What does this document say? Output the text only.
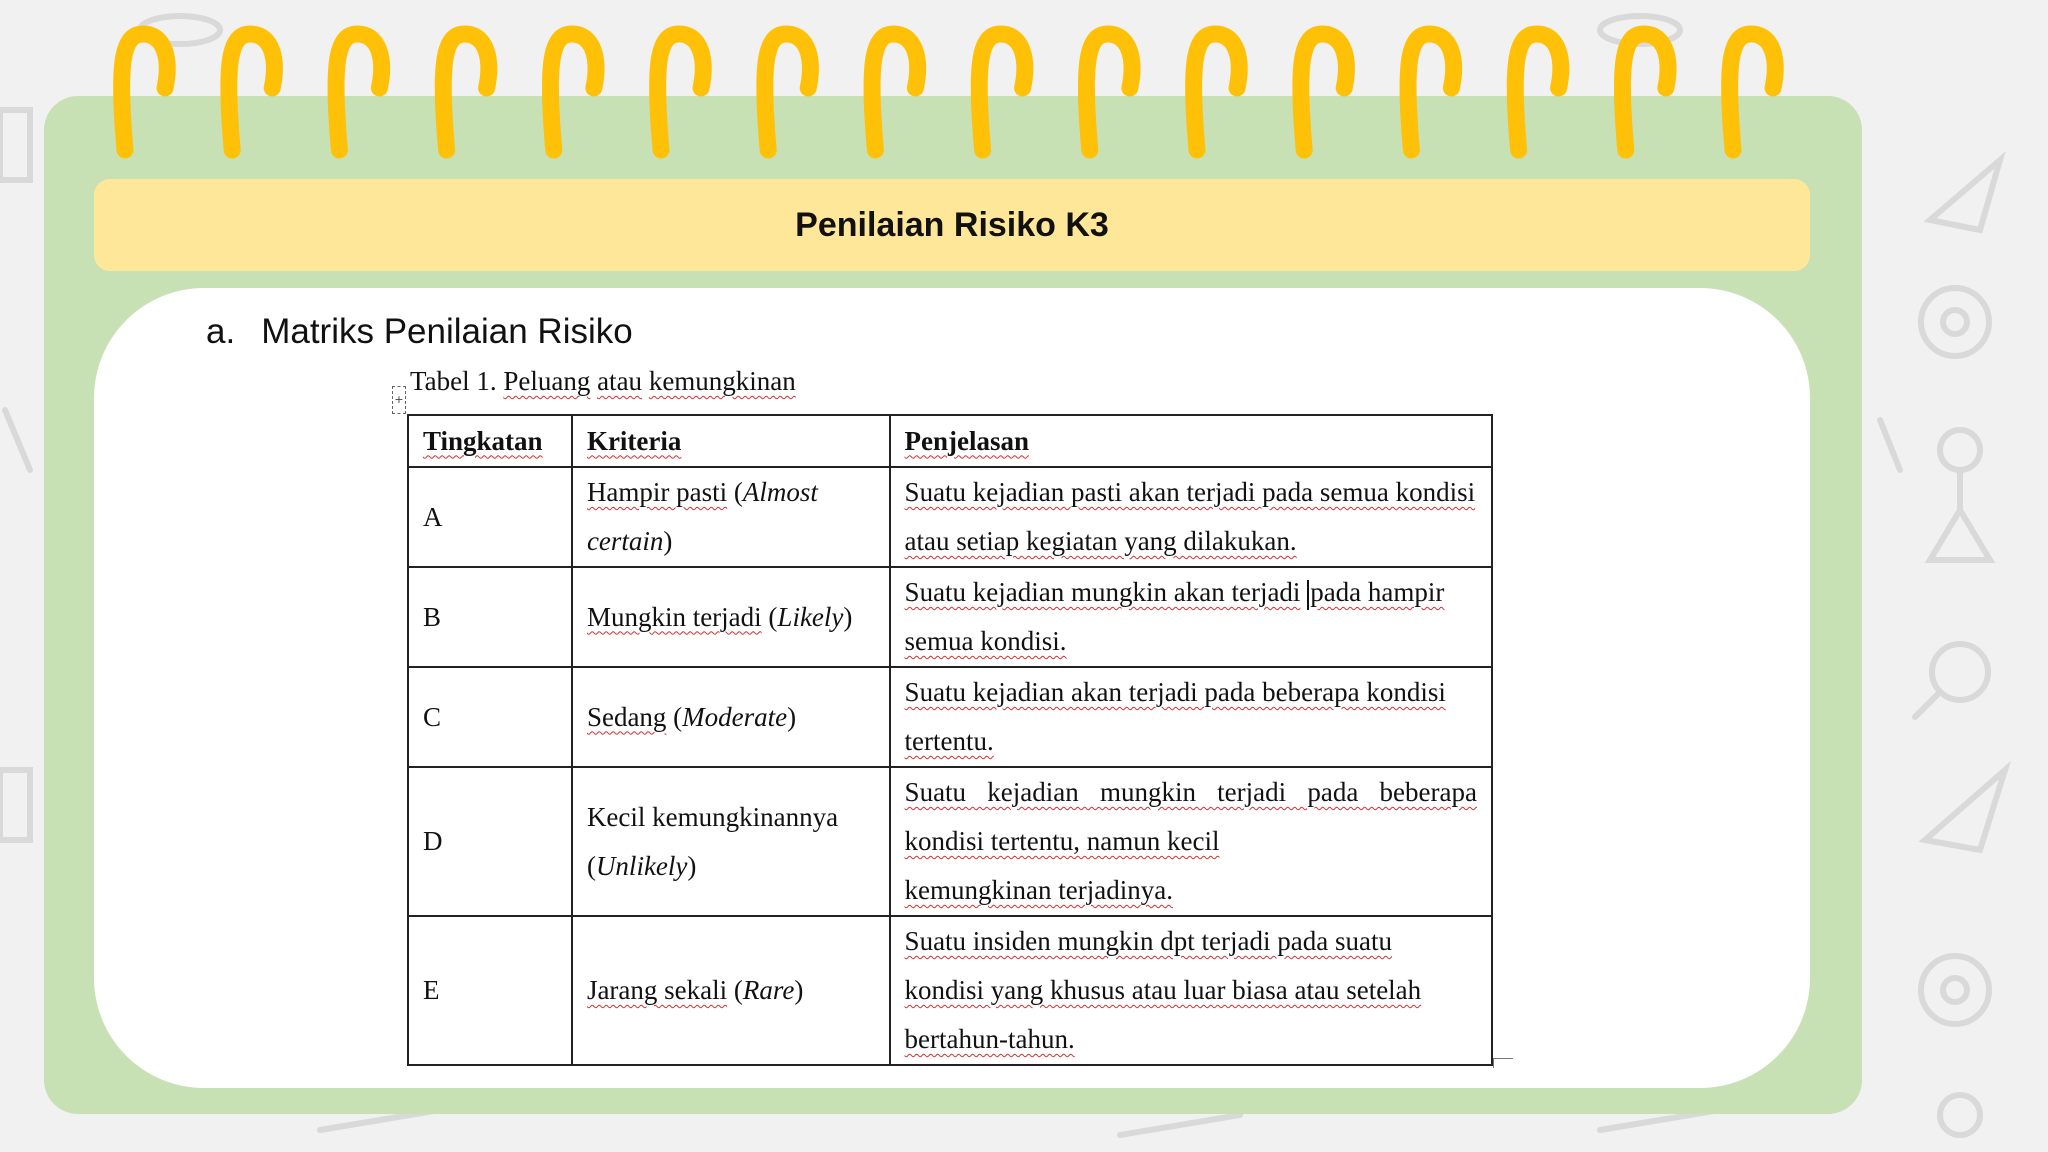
Penilaian Risiko K3
a. Matriks Penilaian Risiko
+
Tabel 1. Peluang atau kemungkinan
Tingkatan	Kriteria	Penjelasan
A	Hampir pasti (Almost certain)	Suatu kejadian pasti akan terjadi pada semua kondisi atau setiap kegiatan yang dilakukan.
B	Mungkin terjadi (Likely)	Suatu kejadian mungkin akan terjadi pada hampir semua kondisi.
C	Sedang (Moderate)	Suatu kejadian akan terjadi pada beberapa kondisi tertentu.
D	Kecil kemungkinannya (Unlikely)	Suatu kejadian mungkin terjadi pada beberapa kondisi tertentu, namun kecil
kemungkinan terjadinya.

E	Jarang sekali (Rare)	Suatu insiden mungkin dpt terjadi pada suatu kondisi yang khusus atau luar biasa atau setelah bertahun-tahun.
